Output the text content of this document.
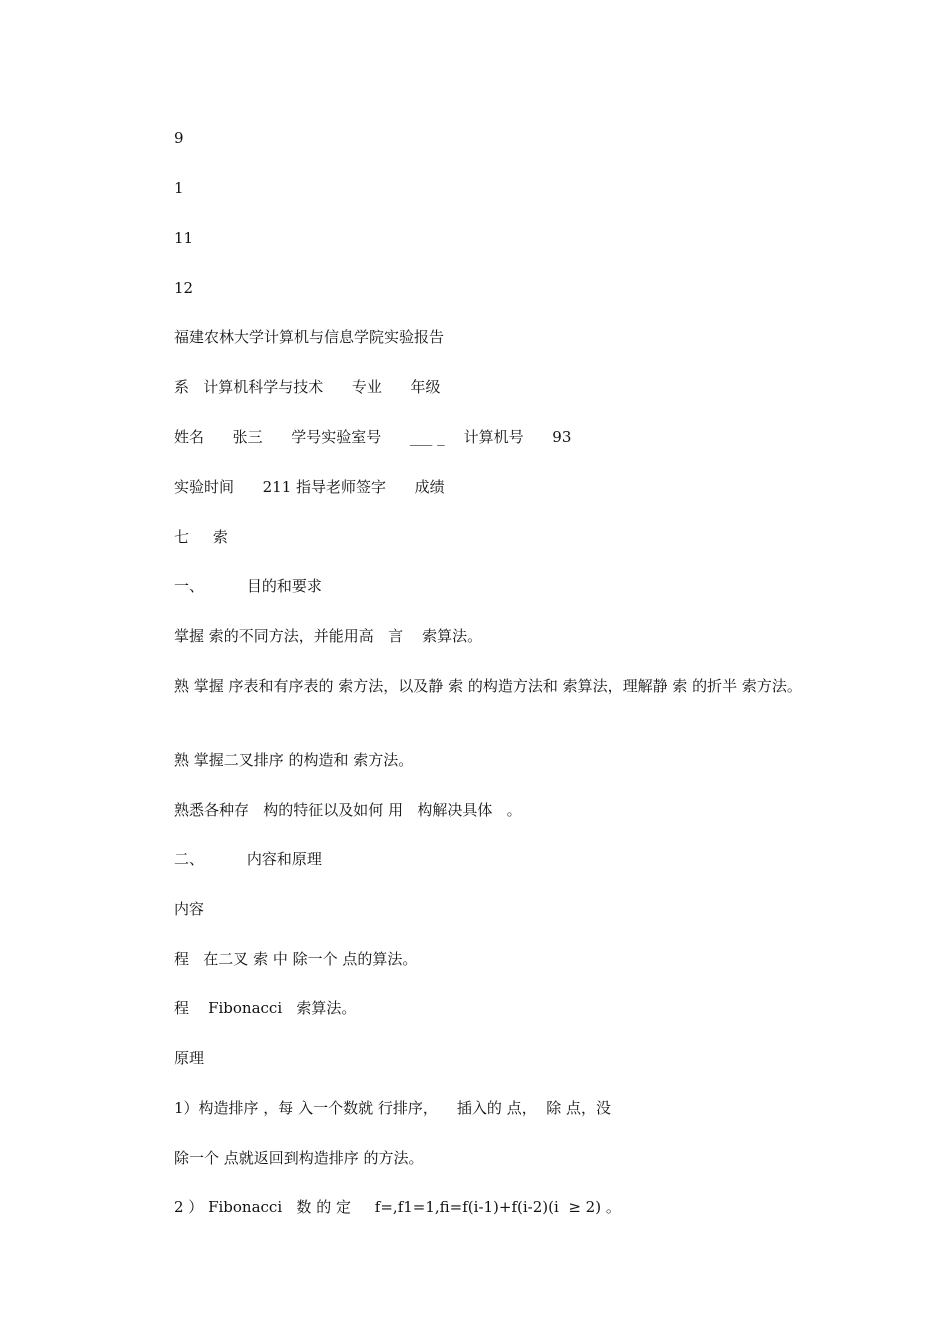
9
1
11
12
福建农林大学计算机与信息学院实验报告
系   计算机科学与技术      专业      年级
姓名      张三      学号实验室号      ___ _    计算机号      93
实验时间      211 指导老师签字      成绩
七     索
一、         目的和要求
掌握 索的不同方法，并能用高   言    索算法。
熟 掌握 序表和有序表的 索方法，以及静 索 的构造方法和 索算法，理解静 索 的折半 索方法。
熟 掌握二叉排序 的构造和 索方法。
熟悉各种存   构的特征以及如何 用   构解决具体   。
二、         内容和原理
内容
程   在二叉 索 中 除一个 点的算法。
程    Fibonacci   索算法。
原理
1）构造排序 ，每 入一个数就 行排序，    插入的 点，  除 点，没
除一个 点就返回到构造排序 的方法。
2 ） Fibonacci   数 的 定     f=,f1=1,fi=f(i-1)+f(i-2)(i  ≥ 2) 。
